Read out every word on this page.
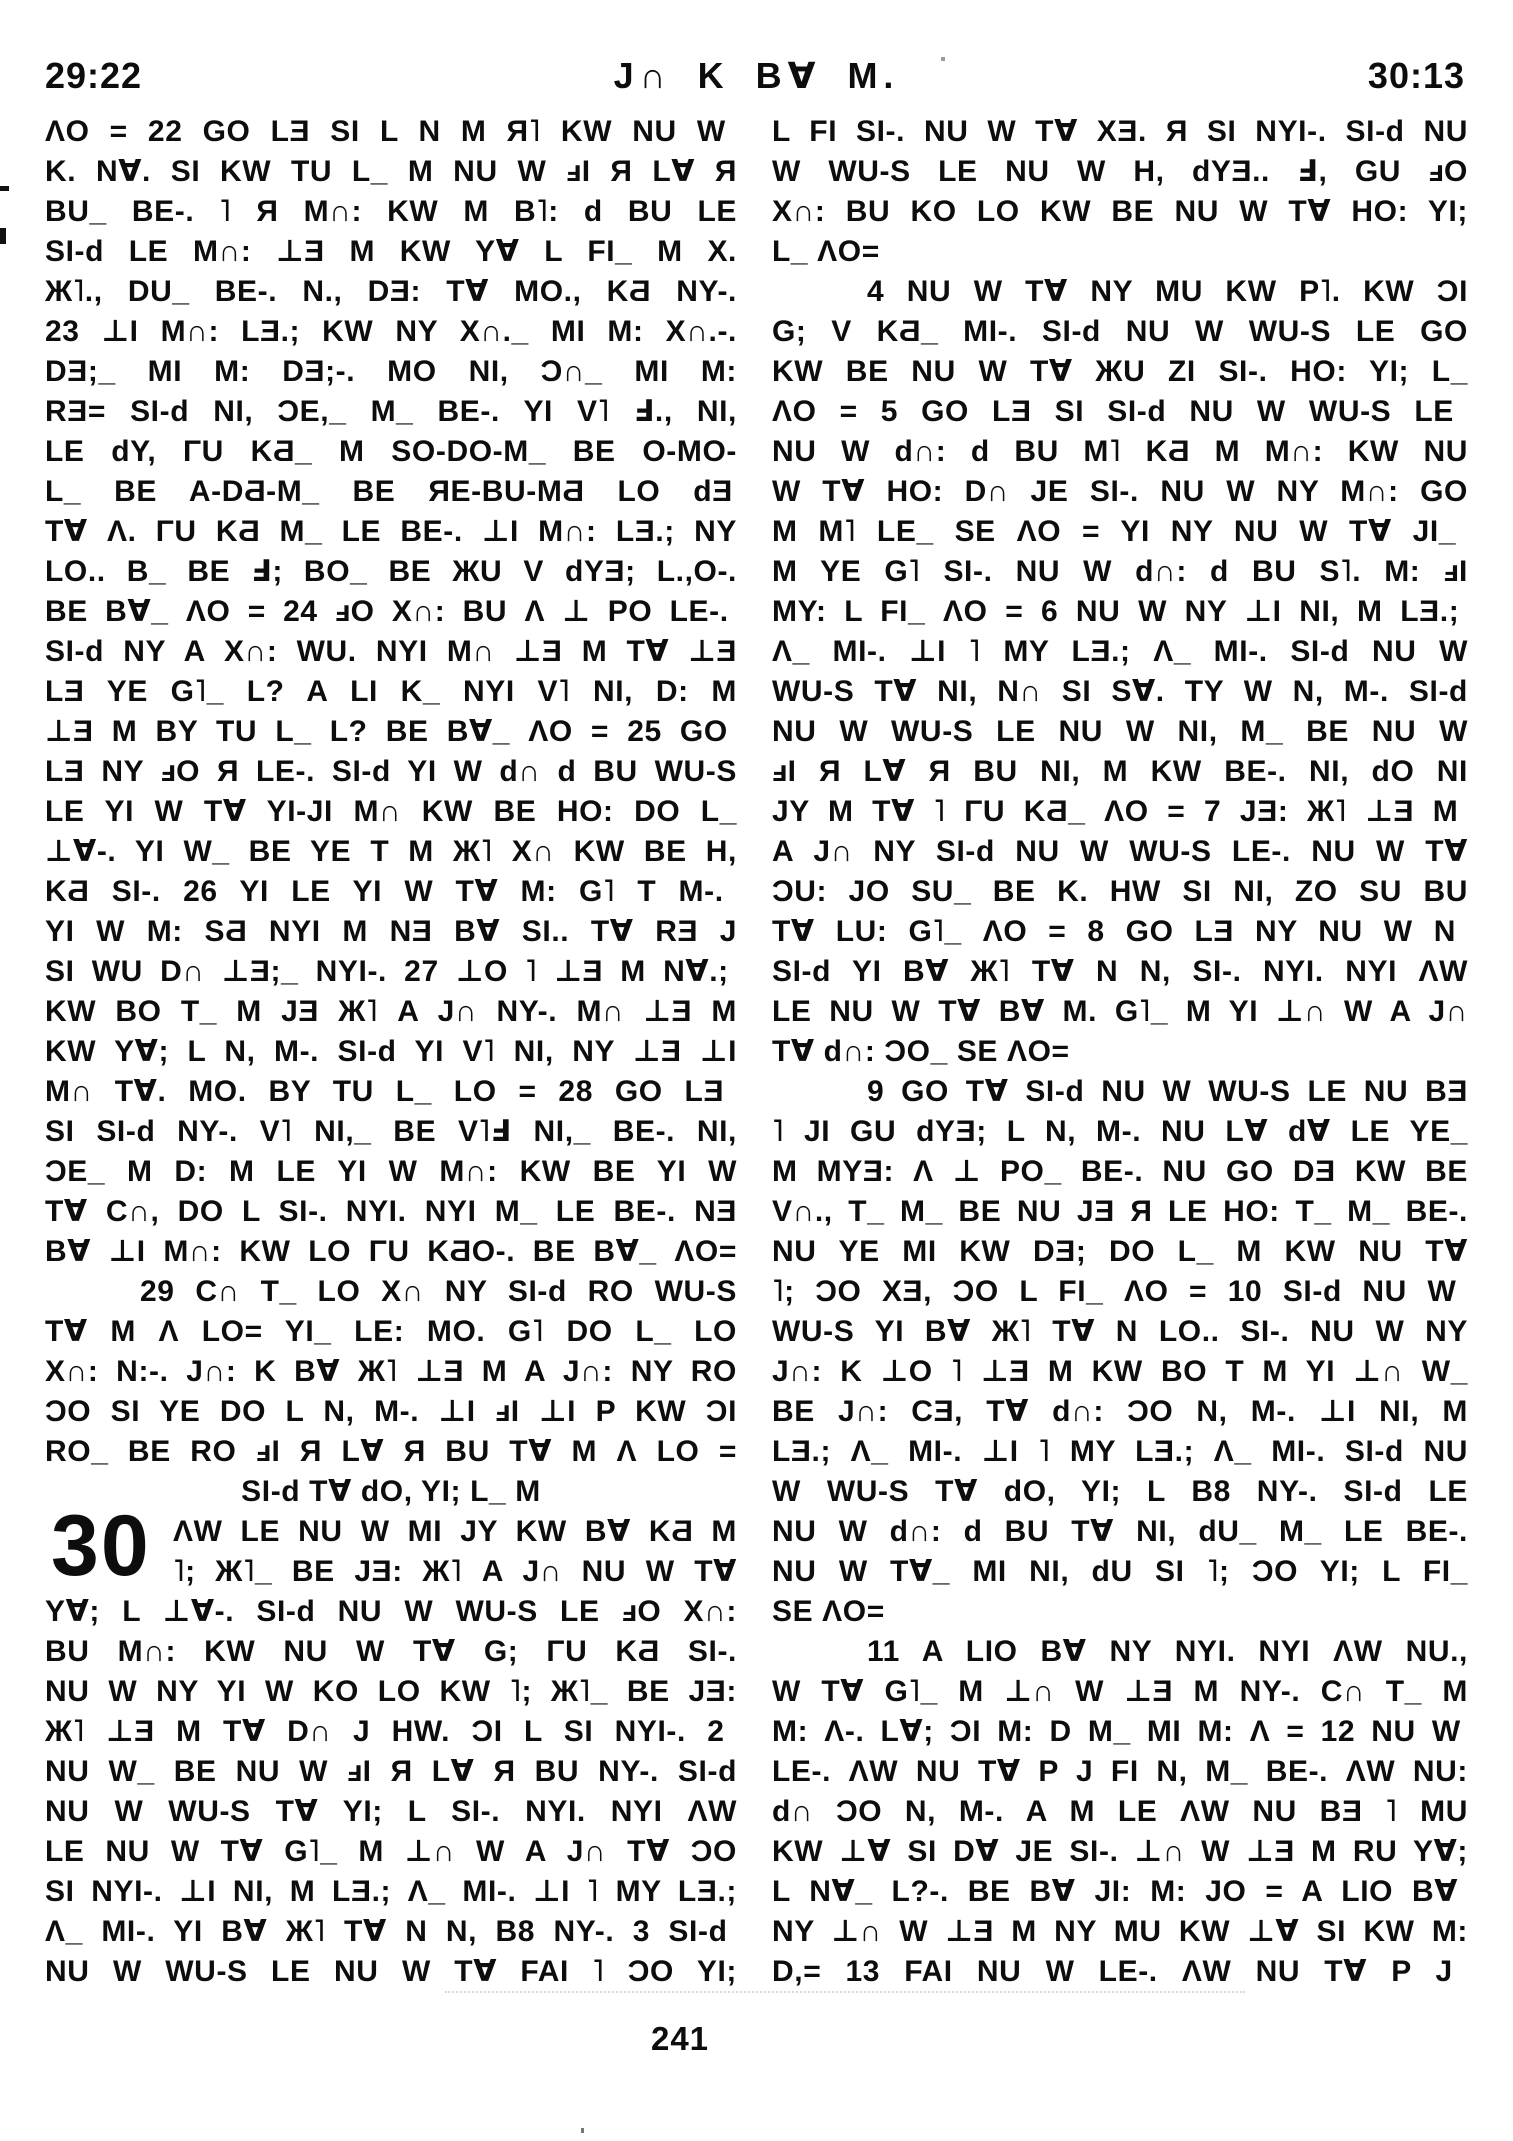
J∩ K B∀ M.
29:22	30:13
ΛO = 22 GO LƎ SI L N M Я˥ KW NU W
K. N∀. SI KW TU L_ M NU W ⅎI Я L∀ Я
BU_ BE-. ˥ Я M∩: KW M B˥: d BU LE
SI-d LE M∩: ⊥Ǝ M KW Y∀ L FI_ M X.
Ж˥., DU_ BE-. N., DƎ: T∀ MO., KƋ NY-.
23 ⊥I M∩: LƎ.; KW NY X∩._ MI M: X∩.-.
DƎ;_ MI M: DƎ;-. MO NI, Ɔ∩_ MI M:
RƎ= SI-d NI, ƆE,_ M_ BE-. YI V˥ Ⅎ., NI,
LE dY, ΓU KƋ_ M SO-DO-M_ BE O-MO-
L_ BE A-DƋ-M_ BE ЯE-BU-MƋ LO dƎ
T∀ Λ. ΓU KƋ M_ LE BE-. ⊥I M∩: LƎ.; NY
LO.. B_ BE Ⅎ; BO_ BE ЖU V dYƎ; L.,O-.
BE B∀_ ΛO = 24 ⅎO X∩: BU Λ ⊥ PO LE-.
SI-d NY A X∩: WU. NYI M∩ ⊥Ǝ M T∀ ⊥Ǝ
LƎ YE G˥_ L? A LI K_ NYI V˥ NI, D: M
⊥Ǝ M BY TU L_ L? BE B∀_ ΛO = 25 GO
LƎ NY ⅎO Я LE-. SI-d YI W d∩ d BU WU-S
LE YI W T∀ YI-JI M∩ KW BE HO: DO L_
⊥∀-. YI W_ BE YE T M Ж˥ X∩ KW BE H,
KƋ SI-. 26 YI LE YI W T∀ M: G˥ T M-.
YI W M: SƋ NYI M NƎ B∀ SI.. T∀ RƎ J
SI WU D∩ ⊥Ǝ;_ NYI-. 27 ⊥O ˥ ⊥Ǝ M N∀.;
KW BO T_ M JƎ Ж˥ A J∩ NY-. M∩ ⊥Ǝ M
KW Y∀; L N, M-. SI-d YI V˥ NI, NY ⊥Ǝ ⊥I
M∩ T∀. MO. BY TU L_ LO = 28 GO LƎ
SI SI-d NY-. V˥ NI,_ BE V˥Ⅎ NI,_ BE-. NI,
ƆE_ M D: M LE YI W M∩: KW BE YI W
T∀ C∩, DO L SI-. NYI. NYI M_ LE BE-. NƎ
B∀ ⊥I M∩: KW LO ΓU KƋO-. BE B∀_ ΛO=
29 C∩ T_ LO X∩ NY SI-d RO WU-S
T∀ M Λ LO= YI_ LE: MO. G˥ DO L_ LO
X∩: N:-. J∩: K B∀ Ж˥ ⊥Ǝ M A J∩: NY RO
ƆO SI YE DO L N, M-. ⊥I ⅎI ⊥I P KW ƆI
RO_ BE RO ⅎI Я L∀ Я BU T∀ M Λ LO =
SI-d T∀ dO, YI; L_ M
ΛW LE NU W MI JY KW B∀ KƋ M
30 ˥; Ж˥_ BE JƎ: Ж˥ A J∩ NU W T∀
Y∀; L ⊥∀-. SI-d NU W WU-S LE ⅎO X∩:
BU M∩: KW NU W T∀ G; ΓU KƋ SI-.
NU W NY YI W KO LO KW ˥; Ж˥_ BE JƎ:
Ж˥ ⊥Ǝ M T∀ D∩ J HW. ƆI L SI NYI-. 2
NU W_ BE NU W ⅎI Я L∀ Я BU NY-. SI-d
NU W WU-S T∀ YI; L SI-. NYI. NYI ΛW
LE NU W T∀ G˥_ M ⊥∩ W A J∩ T∀ ƆO
SI NYI-. ⊥I NI, M LƎ.; Λ_ MI-. ⊥I ˥ MY LƎ.;
Λ_ MI-. YI B∀ Ж˥ T∀ N N, B8 NY-. 3 SI-d
NU W WU-S LE NU W T∀ FAI ˥ ƆO YI;
L FI SI-. NU W T∀ XƎ. Я SI NYI-. SI-d NU
W WU-S LE NU W H, dYƎ.. Ⅎ, GU ⅎO
X∩: BU KO LO KW BE NU W T∀ HO: YI;
L_ ΛO=
4 NU W T∀ NY MU KW P˥. KW ƆI
G; V KƋ_ MI-. SI-d NU W WU-S LE GO
KW BE NU W T∀ ЖU ZI SI-. HO: YI; L_
ΛO = 5 GO LƎ SI SI-d NU W WU-S LE
NU W d∩: d BU M˥ KƋ M M∩: KW NU
W T∀ HO: D∩ JE SI-. NU W NY M∩: GO
M M˥ LE_ SE ΛO = YI NY NU W T∀ JI_
M YE G˥ SI-. NU W d∩: d BU S˥. M: ⅎI
MY: L FI_ ΛO = 6 NU W NY ⊥I NI, M LƎ.;
Λ_ MI-. ⊥I ˥ MY LƎ.; Λ_ MI-. SI-d NU W
WU-S T∀ NI, N∩ SI S∀. TY W N, M-. SI-d
NU W WU-S LE NU W NI, M_ BE NU W
ⅎI Я L∀ Я BU NI, M KW BE-. NI, dO NI
JY M T∀ ˥ ΓU KƋ_ ΛO = 7 JƎ: Ж˥ ⊥Ǝ M
A J∩ NY SI-d NU W WU-S LE-. NU W T∀
ƆU: JO SU_ BE K. HW SI NI, ZO SU BU
T∀ LU: G˥_ ΛO = 8 GO LƎ NY NU W N
SI-d YI B∀ Ж˥ T∀ N N, SI-. NYI. NYI ΛW
LE NU W T∀ B∀ M. G˥_ M YI ⊥∩ W A J∩
T∀ d∩: ƆO_ SE ΛO=
9 GO T∀ SI-d NU W WU-S LE NU BƎ
˥ JI GU dYƎ; L N, M-. NU L∀ d∀ LE YE_
M MYƎ: Λ ⊥ PO_ BE-. NU GO DƎ KW BE
V∩., T_ M_ BE NU JƎ Я LE HO: T_ M_ BE-.
NU YE MI KW DƎ; DO L_ M KW NU T∀
˥; ƆO XƎ, ƆO L FI_ ΛO = 10 SI-d NU W
WU-S YI B∀ Ж˥ T∀ N LO.. SI-. NU W NY
J∩: K ⊥O ˥ ⊥Ǝ M KW BO T M YI ⊥∩ W_
BE J∩: CƎ, T∀ d∩: ƆO N, M-. ⊥I NI, M
LƎ.; Λ_ MI-. ⊥I ˥ MY LƎ.; Λ_ MI-. SI-d NU
W WU-S T∀ dO, YI; L B8 NY-. SI-d LE
NU W d∩: d BU T∀ NI, dU_ M_ LE BE-.
NU W T∀_ MI NI, dU SI ˥; ƆO YI; L FI_
SE ΛO=
11 A LIO B∀ NY NYI. NYI ΛW NU.,
W T∀ G˥_ M ⊥∩ W ⊥Ǝ M NY-. C∩ T_ M
M: Λ-. L∀; ƆI M: D M_ MI M: Λ = 12 NU W
LE-. ΛW NU T∀ P J FI N, M_ BE-. ΛW NU:
d∩ ƆO N, M-. A M LE ΛW NU BƎ ˥ MU
KW ⊥∀ SI D∀ JE SI-. ⊥∩ W ⊥Ǝ M RU Y∀;
L N∀_ L?-. BE B∀ JI: M: JO = A LIO B∀
NY ⊥∩ W ⊥Ǝ M NY MU KW ⊥∀ SI KW M:
D,= 13 FAI NU W LE-. ΛW NU T∀ P J
241
